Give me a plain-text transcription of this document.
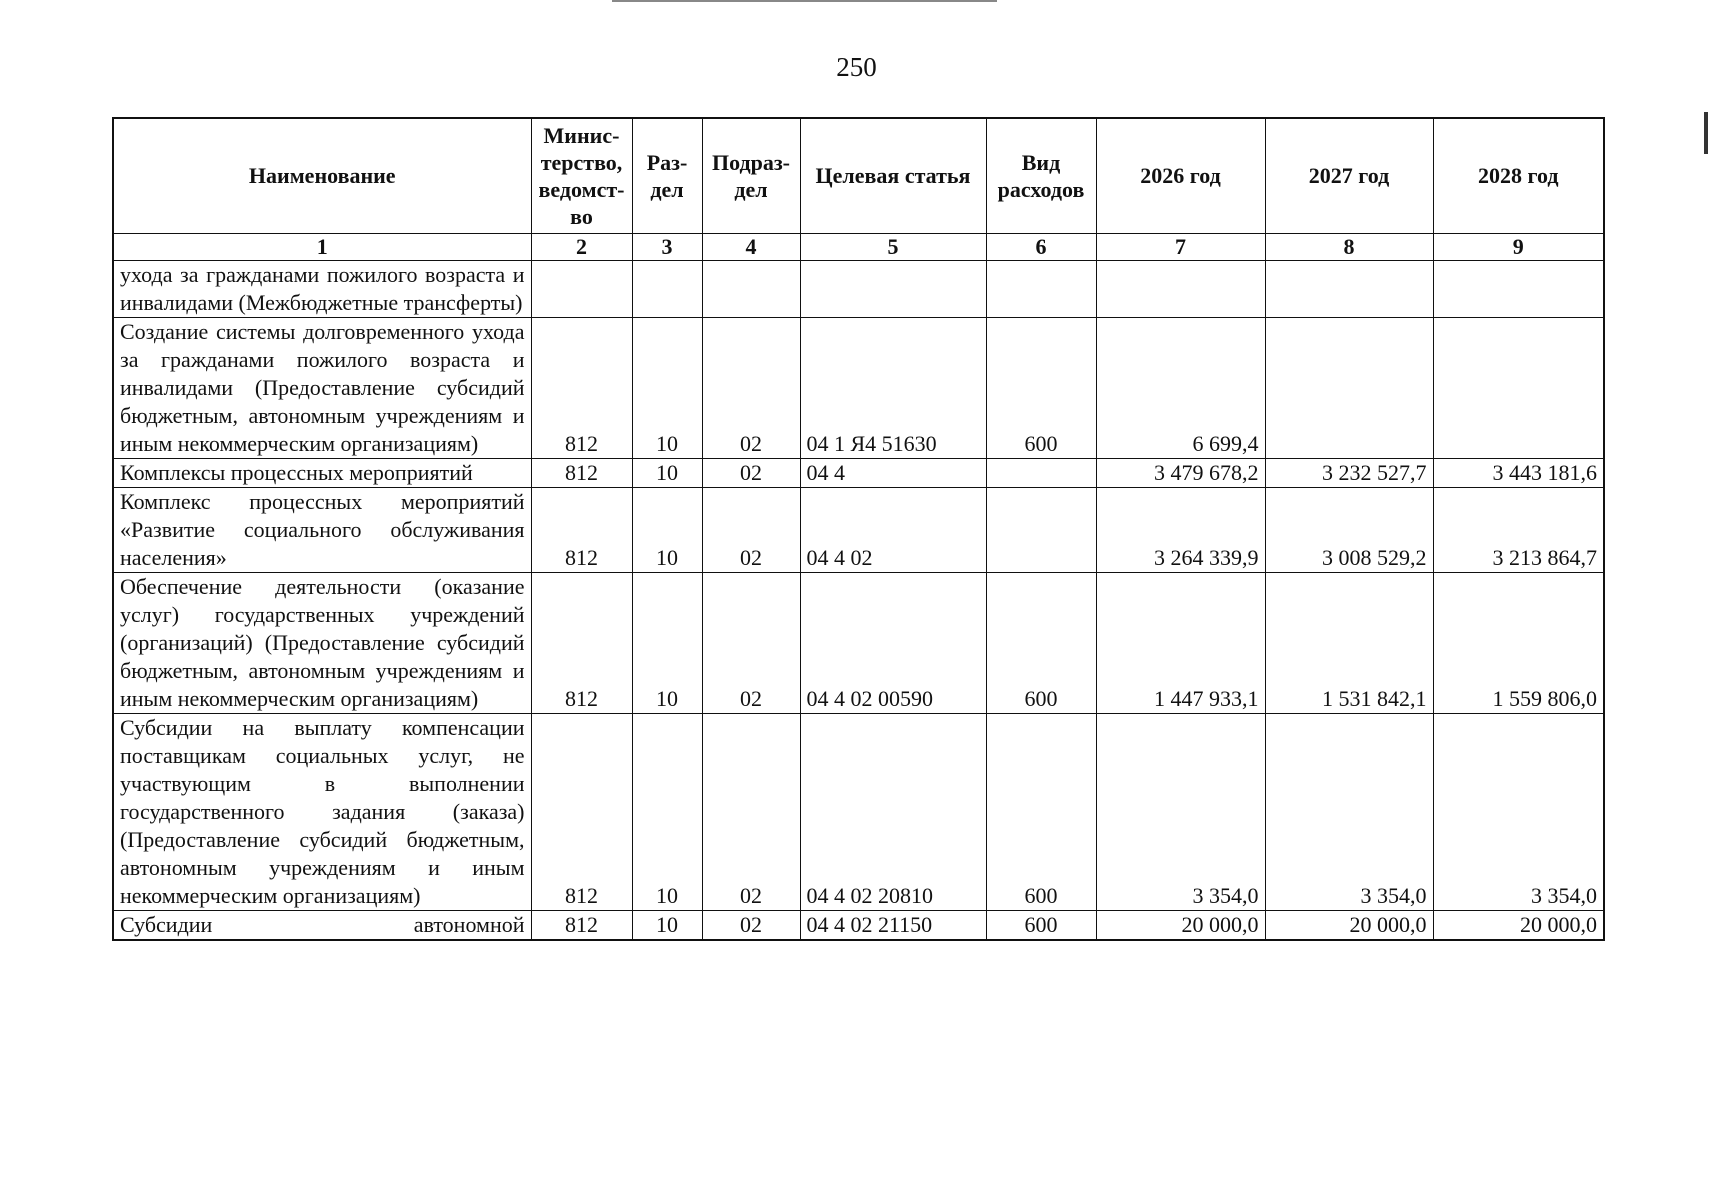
250
Наименование	Минис-терство, ведомст-во	Раз-дел	Подраз-дел	Целевая статья	Вид расходов	2026 год	2027 год	2028 год
1	2	3	4	5	6	7	8	9
ухода за гражданами пожилого возраста и инвалидами (Межбюджетные трансферты)								
Создание системы долговременного ухода за гражданами пожилого возраста и инвалидами (Предоставление субсидий бюджетным, автономным учреждениям и иным некоммерческим организациям)	812	10	02	04 1 Я4 51630	600	6 699,4		
Комплексы процессных мероприятий	812	10	02	04 4		3 479 678,2	3 232 527,7	3 443 181,6
Комплекс процессных мероприятий «Развитие социального обслуживания населения»	812	10	02	04 4 02		3 264 339,9	3 008 529,2	3 213 864,7
Обеспечение деятельности (оказание услуг) государственных учреждений (организаций) (Предоставление субсидий бюджетным, автономным учреждениям и иным некоммерческим организациям)	812	10	02	04 4 02 00590	600	1 447 933,1	1 531 842,1	1 559 806,0
Субсидии на выплату компенсации поставщикам социальных услуг, не участвующим в выполнении государственного задания (заказа) (Предоставление субсидий бюджетным, автономным учреждениям и иным некоммерческим организациям)	812	10	02	04 4 02 20810	600	3 354,0	3 354,0	3 354,0
Субсидии автономной	812	10	02	04 4 02 21150	600	20 000,0	20 000,0	20 000,0
